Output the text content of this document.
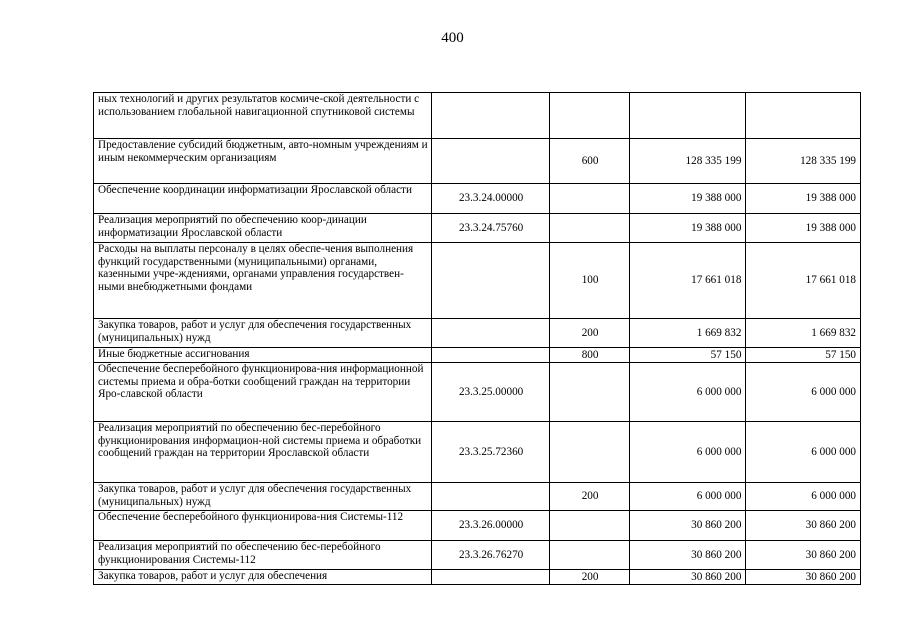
400
ных технологий и других результатов космиче-ской деятельности с использованием глобальной навигационной спутниковой системы				
Предоставление субсидий бюджетным, авто-номным учреждениям и иным некоммерческим организациям		600	128 335 199	128 335 199
Обеспечение координации информатизации Ярославской области	23.3.24.00000		19 388 000	19 388 000
Реализация мероприятий по обеспечению коор-динации информатизации Ярославской области	23.3.24.75760		19 388 000	19 388 000
Расходы на выплаты персоналу в целях обеспе-чения выполнения функций государственными (муниципальными) органами, казенными учре-ждениями, органами управления государствен-ными внебюджетными фондами		100	17 661 018	17 661 018
Закупка товаров, работ и услуг для обеспечения государственных (муниципальных) нужд		200	1 669 832	1 669 832
Иные бюджетные ассигнования		800	57 150	57 150
Обеспечение бесперебойного функционирова-ния информационной системы приема и обра-ботки сообщений граждан на территории Яро-славской области	23.3.25.00000		6 000 000	6 000 000
Реализация мероприятий по обеспечению бес-перебойного функционирования информацион-ной системы приема и обработки сообщений граждан на территории Ярославской области	23.3.25.72360		6 000 000	6 000 000
Закупка товаров, работ и услуг для обеспечения государственных (муниципальных) нужд		200	6 000 000	6 000 000
Обеспечение бесперебойного функционирова-ния Системы-112	23.3.26.00000		30 860 200	30 860 200
Реализация мероприятий по обеспечению бес-перебойного функционирования Системы-112	23.3.26.76270		30 860 200	30 860 200
Закупка товаров, работ и услуг для обеспечения		200	30 860 200	30 860 200
